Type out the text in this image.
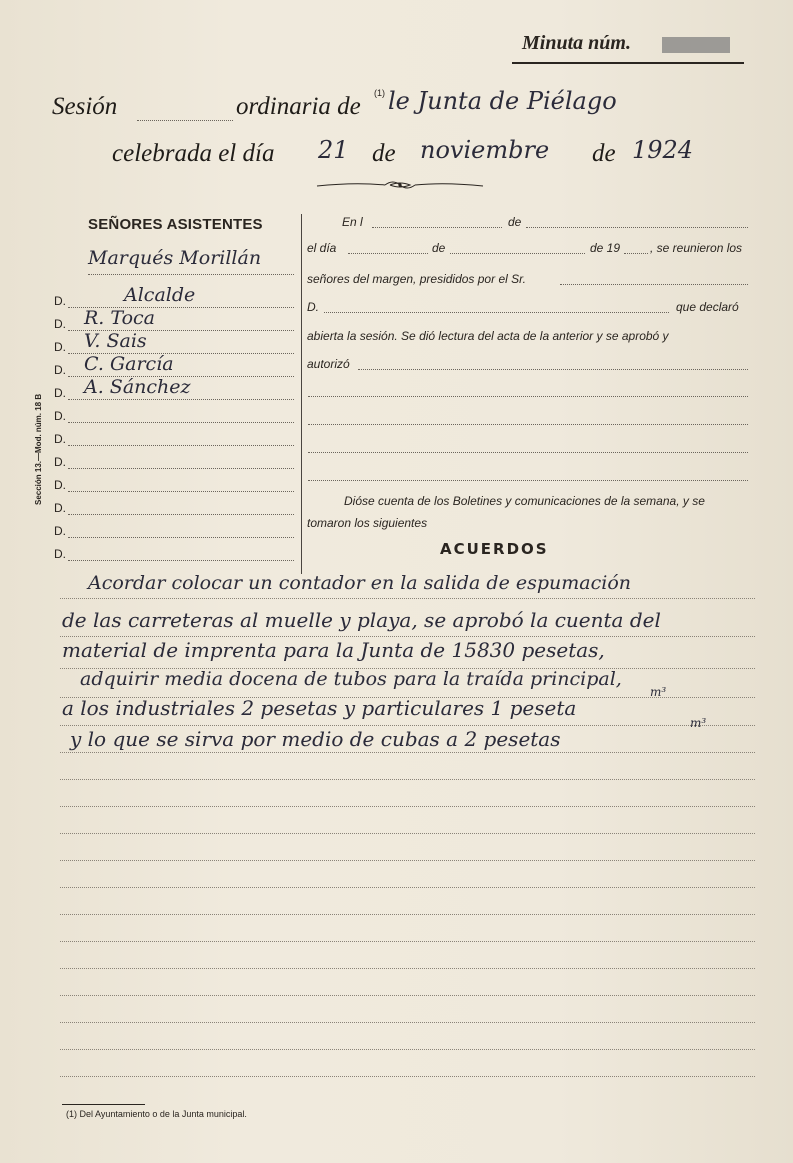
Minuta núm.
Sesión	ordinaria de (1) le Junta de Piélago
celebrada el día 21 de noviembre de 1924
SEÑORES ASISTENTES
Marqués Morillán
D.	Alcalde
D. R. Toca
D. V. Sais
D. C. García
D. A. Sánchez
D.
D.
D.
D.
D.
D.
D.
Sección 13.—Mod. núm. 18 B
En l	de
el día	de	de 19 , se reunieron los
señores del margen, presididos por el Sr.
D.	que declaró
abierta la sesión. Se dió lectura del acta de la anterior y se aprobó y
autorizó
Dióse cuenta de los Boletines y comunicaciones de la semana, y se
tomaron los siguientes
ACUERDOS
Acordar colocar un contador en la salida de espumación
de las carreteras al muelle y playa, se aprobó la cuenta del
material de imprenta para la Junta de 15830 pesetas,
adquirir media docena de tubos para la traída principal,
a los industriales 2 pesetas y particulares 1 peseta
m³
y lo que se sirva por medio de cubas a 2 pesetas
m³
(1) Del Ayuntamiento o de la Junta municipal.
